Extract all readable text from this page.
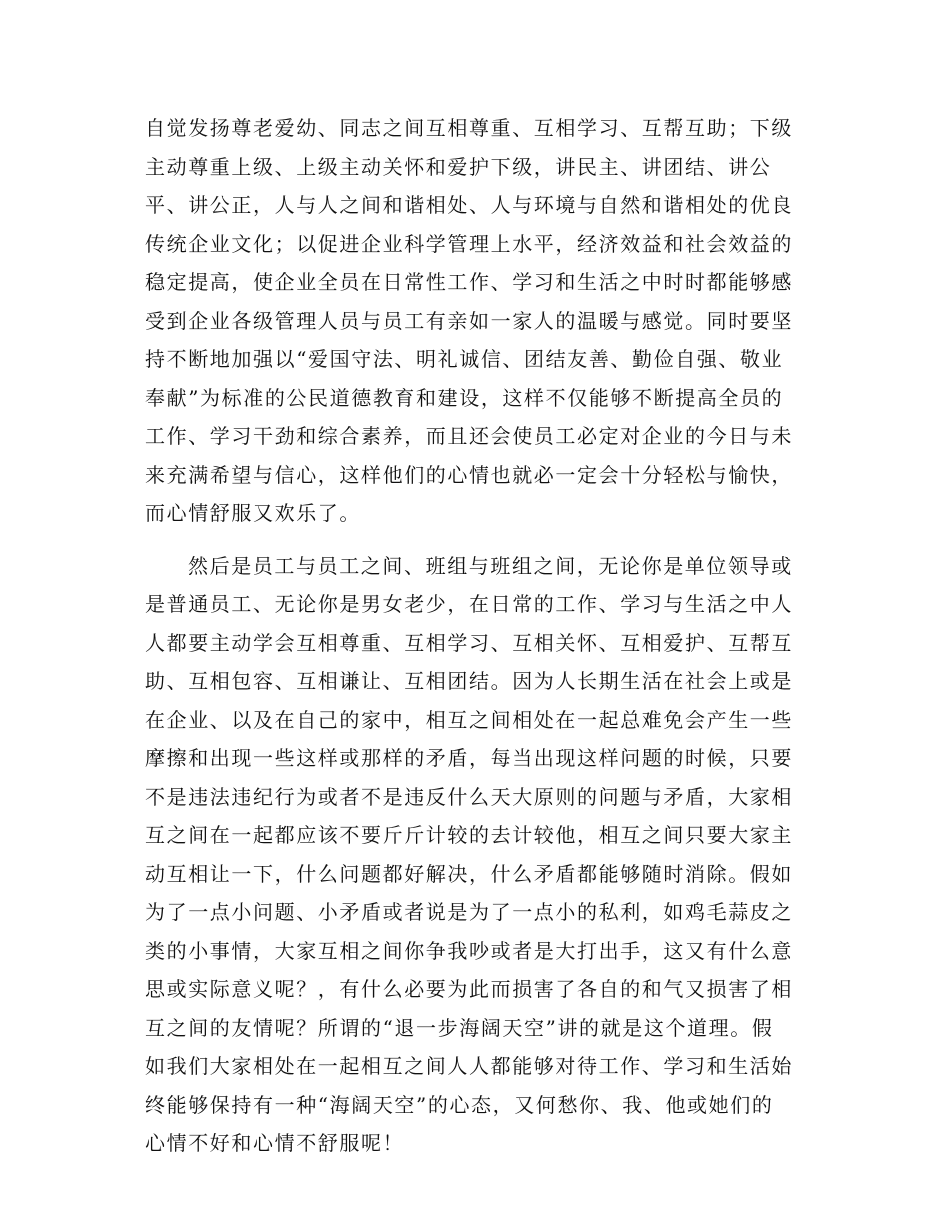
自觉发扬尊老爱幼、同志之间互相尊重、互相学习、互帮互助；下级
主动尊重上级、上级主动关怀和爱护下级，讲民主、讲团结、讲公
平、讲公正，人与人之间和谐相处、人与环境与自然和谐相处的优良
传统企业文化；以促进企业科学管理上水平，经济效益和社会效益的
稳定提高，使企业全员在日常性工作、学习和生活之中时时都能够感
受到企业各级管理人员与员工有亲如一家人的温暖与感觉。同时要坚
持不断地加强以“爱国守法、明礼诚信、团结友善、勤俭自强、敬业
奉献”为标准的公民道德教育和建设，这样不仅能够不断提高全员的
工作、学习干劲和综合素养，而且还会使员工必定对企业的今日与未
来充满希望与信心，这样他们的心情也就必一定会十分轻松与愉快，
而心情舒服又欢乐了。
然后是员工与员工之间、班组与班组之间，无论你是单位领导或
是普通员工、无论你是男女老少，在日常的工作、学习与生活之中人
人都要主动学会互相尊重、互相学习、互相关怀、互相爱护、互帮互
助、互相包容、互相谦让、互相团结。因为人长期生活在社会上或是
在企业、以及在自己的家中，相互之间相处在一起总难免会产生一些
摩擦和出现一些这样或那样的矛盾，每当出现这样问题的时候，只要
不是违法违纪行为或者不是违反什么天大原则的问题与矛盾，大家相
互之间在一起都应该不要斤斤计较的去计较他，相互之间只要大家主
动互相让一下，什么问题都好解决，什么矛盾都能够随时消除。假如
为了一点小问题、小矛盾或者说是为了一点小的私利，如鸡毛蒜皮之
类的小事情，大家互相之间你争我吵或者是大打出手，这又有什么意
思或实际意义呢？，有什么必要为此而损害了各自的和气又损害了相
互之间的友情呢？所谓的“退一步海阔天空”讲的就是这个道理。假
如我们大家相处在一起相互之间人人都能够对待工作、学习和生活始
终能够保持有一种“海阔天空”的心态，又何愁你、我、他或她们的
心情不好和心情不舒服呢！
